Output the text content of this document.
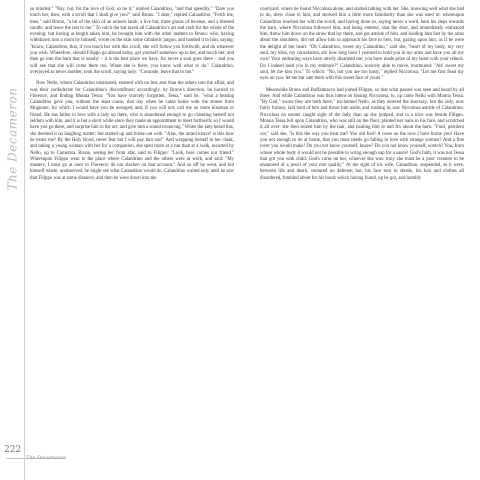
The Decameron

so minded." "Nay, but, for the love of God, so be it," replied Calandrino, "and that speedily." "Dare you touch her, then, with a scroll that I shall give you?" said Bruno. "I dare," replied Calandrino. "Fetch me, then," said Bruno, "a bit of the skin of an unborn lamb, a live bat, three grains of incense, and a blessed candle; and leave the rest to me." To catch the bat taxed all Calandrino's art and craft for the whole of the evening; but having at length taken him, he brought him with the other matters to Bruno: who, having withdrawn into a room by himself, wrote on the skin some cabalistic jargon, and handed it to him, saying: "Know, Calandrino, that, if you touch her with this scroll, she will follow you forthwith, and do whatever you wish. Wherefore, should Filippo go abroad today, get yourself somehow up to her, and touch her; and then go into the barn that is nearby – it is the best place we have, for never a soul goes there – and you will see that she will come there too. When she is there, you know well what to do." Calandrino, overjoyed as never another, took the scroll, saying only: "Comrade, leave that to me."

Now Nello, whom Calandrino mistrusted, entered with no less zest than the others into the affair, and was their confederate for Calandrino's discomfiture; accordingly, by Bruno's direction, he hurried to Florence, and finding Monna Tessa: "You have scarcely forgotten, Tessa," said he, "what a beating Calandrino gave you, without the least cause, that day when he came home with the stones from Mugnone; for which I would have you be avenged, and, if you will not, call me no more kinsman or friend. He has fallen in love with a lady up there, who is abandoned enough to go closeting herself not seldom with him, and it is but a short while since they made an appointment to meet forthwith: so I would have you go there, and surprise him in the act, and give him a sound trouncing." When the lady heard this, she deemed it no laughing matter; but started up and broke out with: "Alas, the arrant knave! is this how he treats me? By the Holy Rood, never fear but I will pay him out!" And wrapping herself in her cloak, and taking a young woman with her for a companion, she sped more at a run than at a walk, escorted by Nello, up to Camerata. Bruno, seeing her from afar, said to Filippo: "Look, here comes our friend." Whereupon Filippo went to the place where Calandrino and the others were at work, and said: "My masters, I must go at once to Florence; do not slacken on that account." And so off he went, and hid himself where, unobserved, he might see what Calandrino would do. Calandrino waited only until he saw that Filippo was at some distance, and then he went down into the

courtyard, where he found Niccolosa alone, and started talking with her. She, knowing well what she had to do, drew close to him, and showed him a little more familiarity than she was used to: whereupon Calandrino touched her with the scroll, and having done so, saying never a word, bent his steps towards the barn, where Niccolosa followed him, and being entered, shut the door, and immediately embraced him, threw him down on the straw that lay there, and got astride of him, and holding him fast by the arms about the shoulders, did not allow him to approach his face to hers, but, gazing upon him, as if he were the delight of her heart: "Oh Calandrino, sweet my Calandrino," said she, "heart of my body, my very soul, my bliss, my consolation, ah! how long have I yearned to hold you in my arms and have you all my own! Your endearing ways have utterly disarmed me; you have made prize of my heart with your rebeck. Do I indeed hold you in my embrace?" Calandrino, scarcely able to move, murmured: "Ah! sweet my soul, let me kiss you." To which: "No, but you are too hasty," replied Niccolosa. "Let me first feast my eyes on you; let me but sate them with this sweet face of yours."

Meanwhile Bruno and Buffalmacco had joined Filippo, so that what passed was seen and heard by all three. And while Calandrino was thus intent on kissing Niccolosa, lo, up came Nello with Monna Tessa. "By God," swore they are both there," exclaimed Nello, as they entered the doorway; but the lady, now fairly furious, laid hold of him and thrust him aside, and rushing in, saw Niccolosa astride of Calandrino. Niccolosa no sooner caught sight of the lady, than up she jumped, and in a trice was beside Filippo. Monna Tessa fell upon Calandrino, who was still on the floor, planted her nails in his face, and scratched it all over: she then seized him by the hair, and hauling him to and fro about the barn: "Foul, pestilent cur," said she, "is this the way you treat me? You old fool! A curse on the love I have borne you! Have you not enough to do at home, that you must needs go falling in love with strange women? And a fine lover you would make! Do you not know yourself, knave? Do you not know yourself, wretch? You, from whose whole body it would not be possible to wring enough sap for a sauce! God's faith, it was not Tessa that got you with child: God's curse on her, whoever she was: truly she must be a poor creature to be enamored of a jewel of your rare quality." At the sight of his wife, Calandrino, suspended, as it were, between life and death, ventured no defense; but, his face torn to shreds, his hair and clothes all disordered, fumbled about for his hood; which having found, up he got, and humbly

222
The Decameron
